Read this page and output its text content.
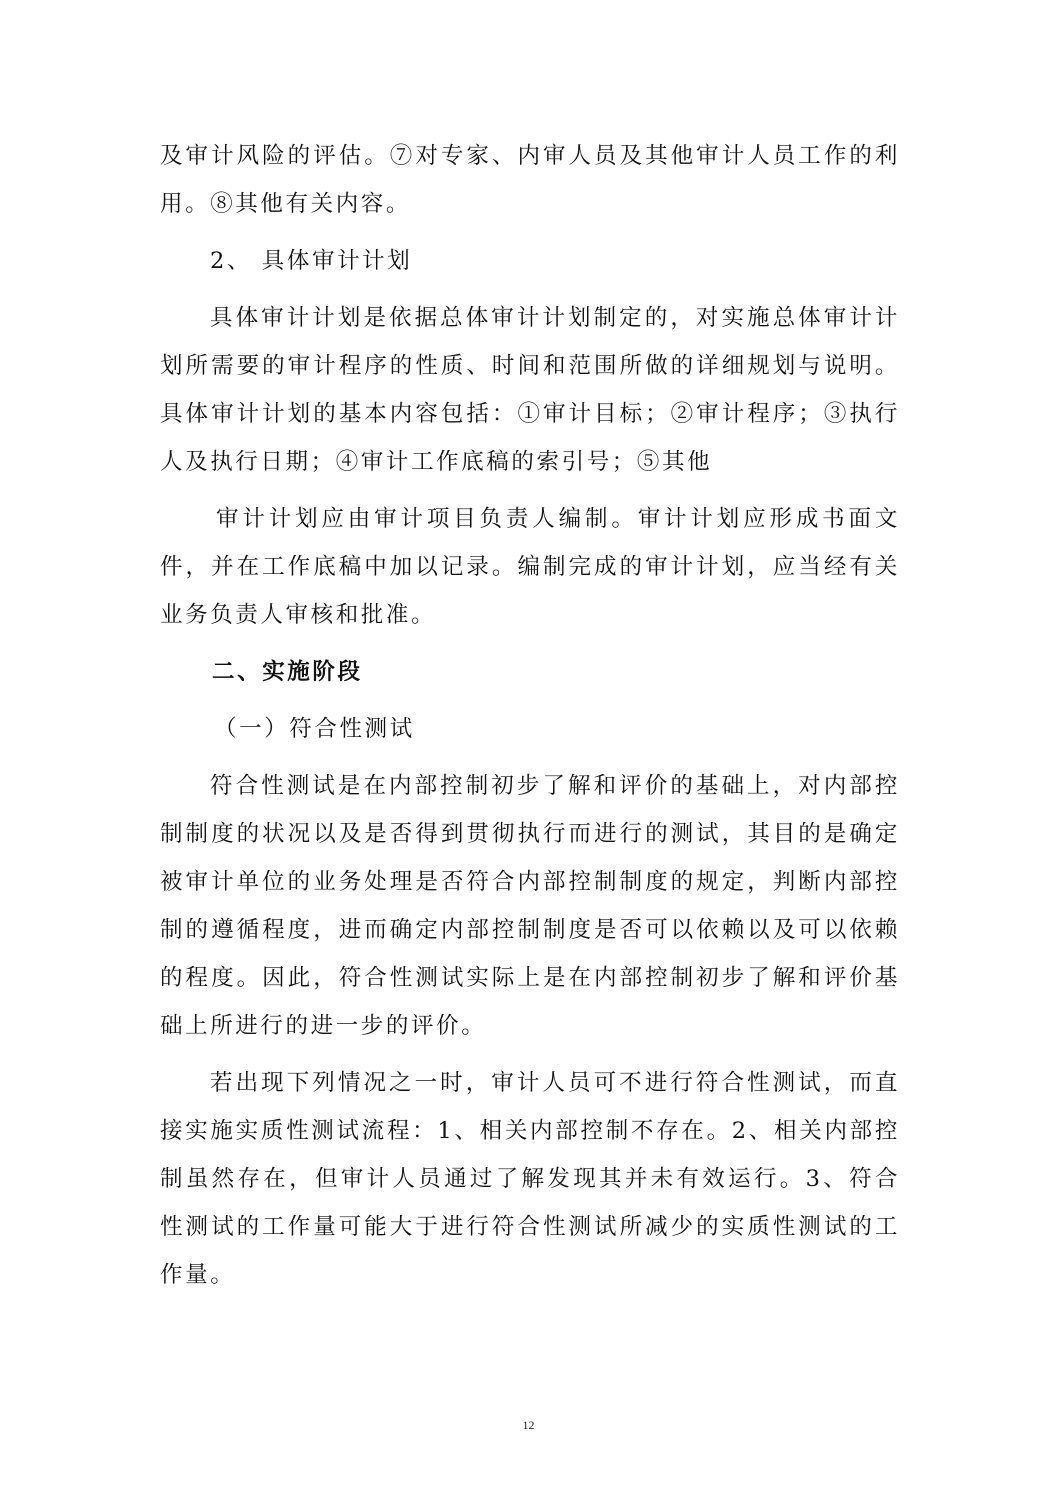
及审计风险的评估。⑦对专家、内审人员及其他审计人员工作的利用。⑧其他有关内容。

2、 具体审计计划

具体审计计划是依据总体审计计划制定的，对实施总体审计计划所需要的审计程序的性质、时间和范围所做的详细规划与说明。具体审计计划的基本内容包括：①审计目标；②审计程序；③执行人及执行日期；④审计工作底稿的索引号；⑤其他

审计计划应由审计项目负责人编制。审计计划应形成书面文件，并在工作底稿中加以记录。编制完成的审计计划，应当经有关业务负责人审核和批准。

二、实施阶段

（一）符合性测试

符合性测试是在内部控制初步了解和评价的基础上，对内部控制制度的状况以及是否得到贯彻执行而进行的测试，其目的是确定被审计单位的业务处理是否符合内部控制制度的规定，判断内部控制的遵循程度，进而确定内部控制制度是否可以依赖以及可以依赖的程度。因此，符合性测试实际上是在内部控制初步了解和评价基础上所进行的进一步的评价。

若出现下列情况之一时，审计人员可不进行符合性测试，而直接实施实质性测试流程：1、相关内部控制不存在。2、相关内部控制虽然存在，但审计人员通过了解发现其并未有效运行。3、符合性测试的工作量可能大于进行符合性测试所减少的实质性测试的工作量。

12
